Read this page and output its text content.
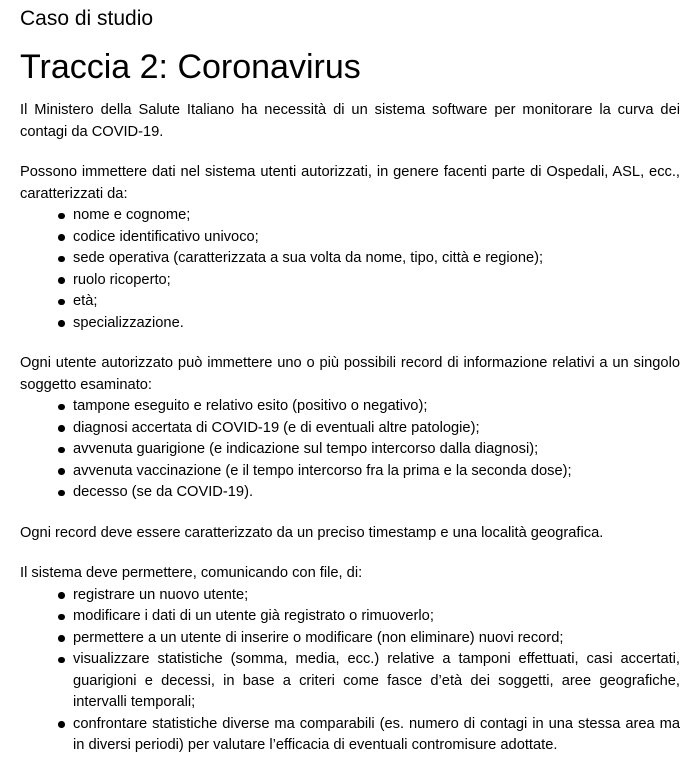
Caso di studio
Traccia 2: Coronavirus

Il Ministero della Salute Italiano ha necessità di un sistema software per monitorare la curva dei contagi da COVID-19.

Possono immettere dati nel sistema utenti autorizzati, in genere facenti parte di Ospedali, ASL, ecc., caratterizzati da:

nome e cognome;
codice identificativo univoco;
sede operativa (caratterizzata a sua volta da nome, tipo, città e regione);
ruolo ricoperto;
età;
specializzazione.

Ogni utente autorizzato può immettere uno o più possibili record di informazione relativi a un singolo soggetto esaminato:

tampone eseguito e relativo esito (positivo o negativo);
diagnosi accertata di COVID-19 (e di eventuali altre patologie);
avvenuta guarigione (e indicazione sul tempo intercorso dalla diagnosi);
avvenuta vaccinazione (e il tempo intercorso fra la prima e la seconda dose);
decesso (se da COVID-19).

Ogni record deve essere caratterizzato da un preciso timestamp e una località geografica.

Il sistema deve permettere, comunicando con file, di:

registrare un nuovo utente;
modificare i dati di un utente già registrato o rimuoverlo;
permettere a un utente di inserire o modificare (non eliminare) nuovi record;
visualizzare statistiche (somma, media, ecc.) relative a tamponi effettuati, casi accertati, guarigioni e decessi, in base a criteri come fasce d’età dei soggetti, aree geografiche, intervalli temporali;
confrontare statistiche diverse ma comparabili (es. numero di contagi in una stessa area ma in diversi periodi) per valutare l’efficacia di eventuali contromisure adottate.
